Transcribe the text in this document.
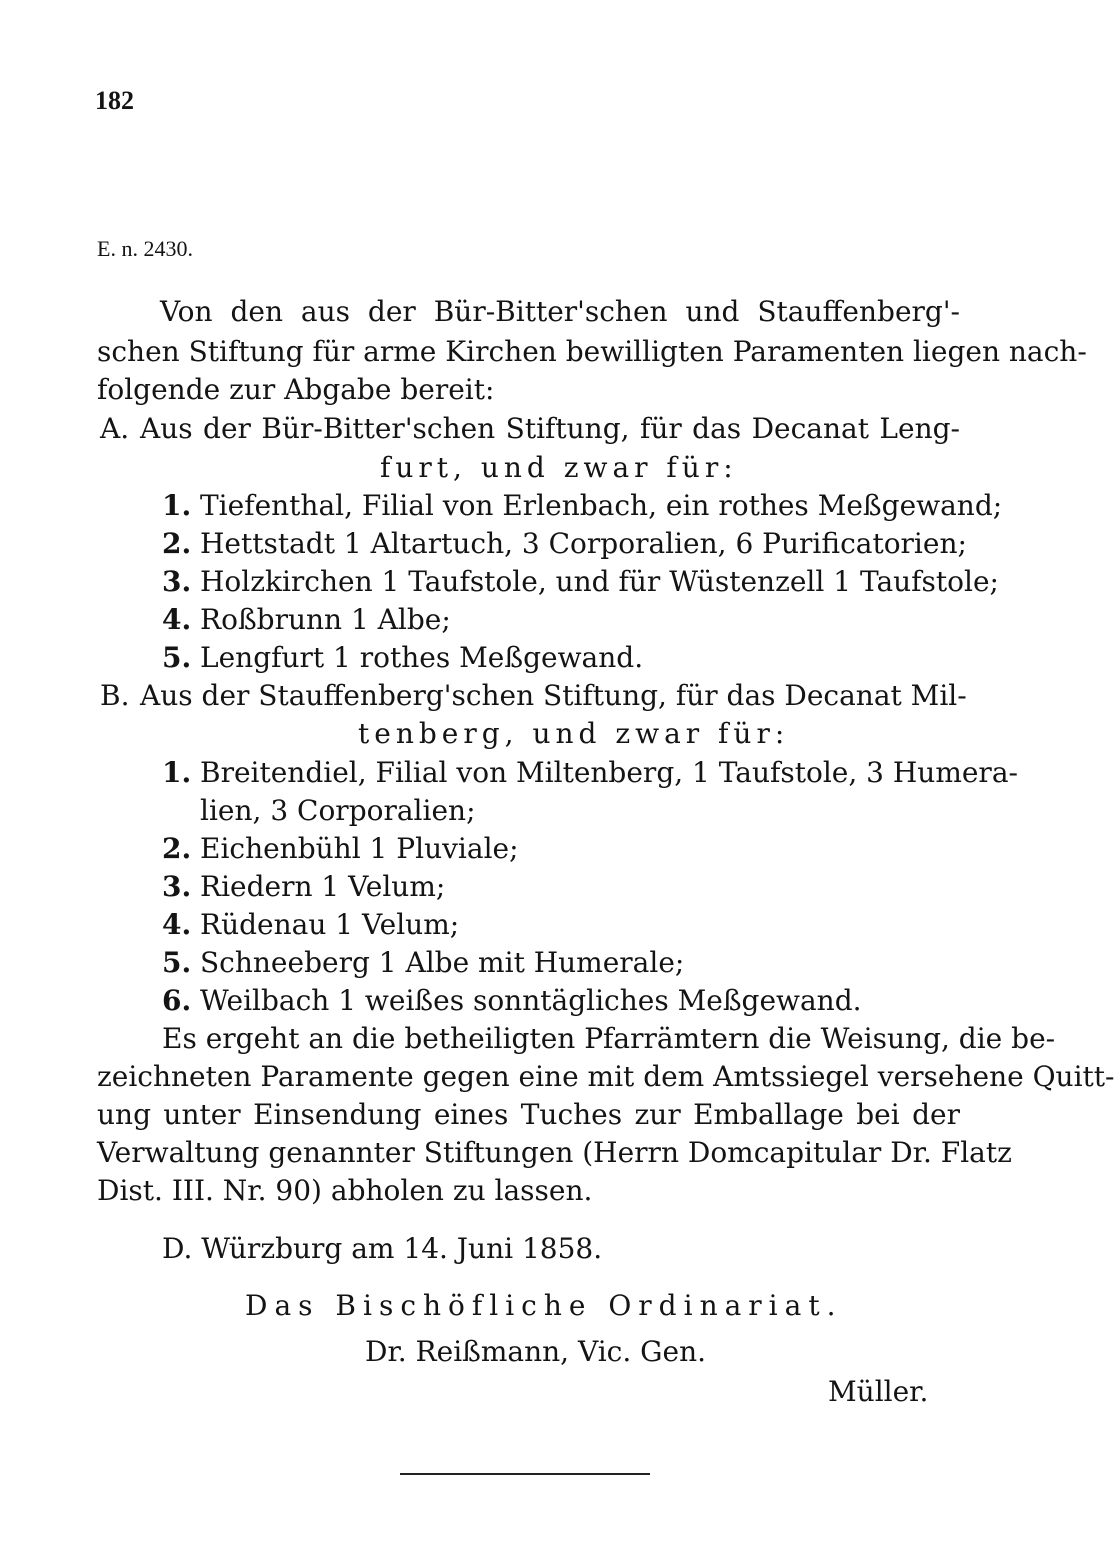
182
E. n. 2430.
Von den aus der Bür-Bitter'schen und Stauffenberg'-
schen Stiftung für arme Kirchen bewilligten Paramenten liegen nach-
folgende zur Abgabe bereit:
A. Aus der Bür-Bitter'schen Stiftung, für das Decanat Leng-
furt, und zwar für:
1. Tiefenthal, Filial von Erlenbach, ein rothes Meßgewand;
2. Hettstadt 1 Altartuch, 3 Corporalien, 6 Purificatorien;
3. Holzkirchen 1 Taufstole, und für Wüstenzell 1 Taufstole;
4. Roßbrunn 1 Albe;
5. Lengfurt 1 rothes Meßgewand.
B. Aus der Stauffenberg'schen Stiftung, für das Decanat Mil-
tenberg, und zwar für:
1. Breitendiel, Filial von Miltenberg, 1 Taufstole, 3 Humera-
lien, 3 Corporalien;
2. Eichenbühl 1 Pluviale;
3. Riedern 1 Velum;
4. Rüdenau 1 Velum;
5. Schneeberg 1 Albe mit Humerale;
6. Weilbach 1 weißes sonntägliches Meßgewand.
Es ergeht an die betheiligten Pfarrämtern die Weisung, die be-
zeichneten Paramente gegen eine mit dem Amtssiegel versehene Quitt-
ung unter Einsendung eines Tuches zur Emballage bei der
Verwaltung genannter Stiftungen (Herrn Domcapitular Dr. Flatz
Dist. III. Nr. 90) abholen zu lassen.
D. Würzburg am 14. Juni 1858.
Das Bischöfliche Ordinariat.
Dr. Reißmann, Vic. Gen.
Müller.
